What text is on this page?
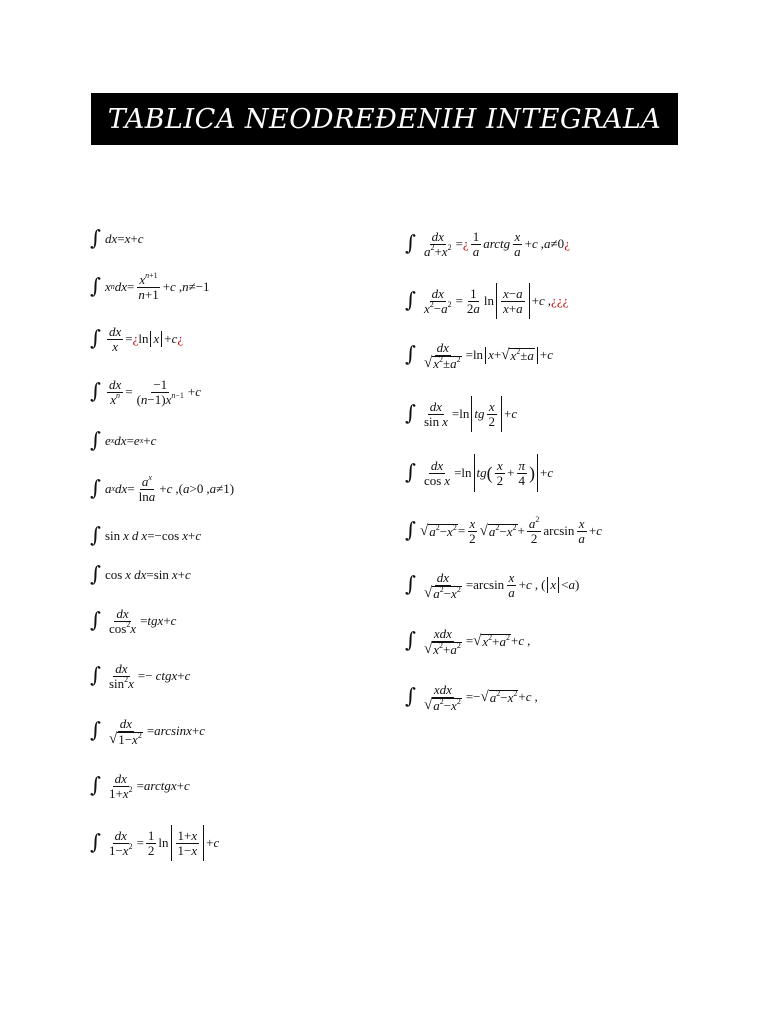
TABLICA NEODREĐENIH INTEGRALA
∫ dx = x + c
∫ x n dx = $\frac{x^{n+1}}{n+1} + c$ , n ≠−1
∫ $\frac{dx}{x}$ = ¿ ln x + c ¿
∫ $\frac{dx}{x^n} = \frac{-1}{(n-1)x^{n-1}} + c$
∫ e x dx = e x + c
∫ a x dx = $\frac{a^x}{\ln a} + c$ ,( a >0 , a ≠1)
∫ sin x d x =−cos x + c
∫ cos x dx =sin x + c
∫ $\frac{dx}{\cos^2x}$ = tgx + c
∫ $\frac{dx}{\sin^2x}$ =− ctgx + c
∫ $\frac{dx}{√ 1-x^2} = \arcsin x + c$
∫ $\frac{dx}{1+x^2}$ = arctgx + c
∫ $\frac{dx}{1-x^2} = \frac{1}{2}$ $\ln \frac{1+x}{1-x} + c$
∫ $\frac{dx}{a^2+x^2}$ = ¿ $\frac{1}{a}$ arctg $\frac{x}{a} + c$ , a ≠0 ¿
∫ $\frac{dx}{x^2-a^2} = \frac{1}{2a}$ $\ln \frac{x-a}{x+a} + c$ , ¿¿¿
∫ $\frac{dx}{√ x^2\pm a^2} =\ln$ x + √ $x^2\pm a + c$
∫ $\frac{dx}{\text{sin x}} =\ln$ tg $\frac{x}{2} + c$
∫ $\frac{dx}{\text{cos x}} =\ln$ tg ( $\frac{x}{2} + \frac{\pi}{4}$ ) + c
∫ √ $a^2-x^2 = \frac{x}{2}$ √ $a^2-x^2 + \frac{a^2}{2}$ $\arcsin \frac{x}{a} + c$
∫ $\frac{dx}{√ a^2-x^2} =\arcsin \frac{x}{a} + c$ , ( x < a )
∫ $\frac{\text{xdx}}{√ x^2+a^2}$ = √ $x^2+a^2 + c$ ,
∫ $\frac{\text{xdx}}{√ a^2-x^2}$ =− √ $a^2-x^2 + c$ ,
